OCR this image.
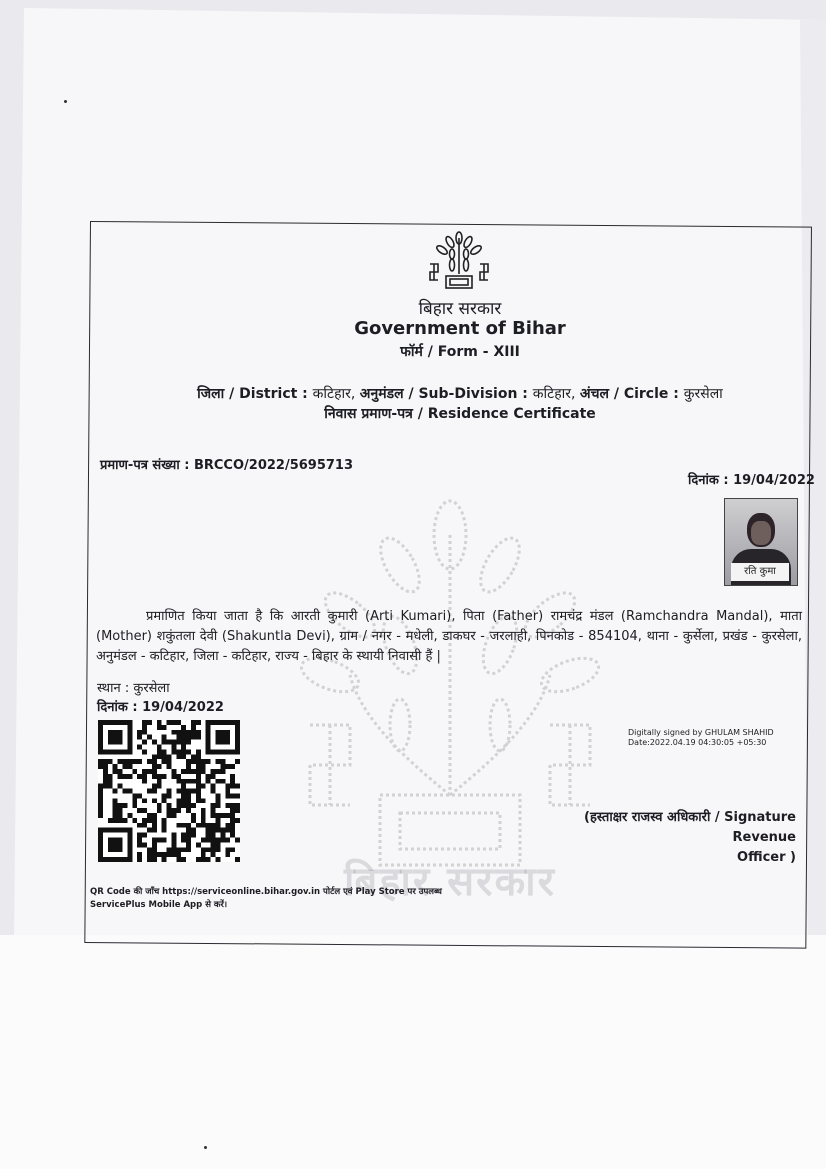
बिहार सरकार
बिहार सरकार
Government of Bihar
फॉर्म / Form - XIII
जिला / District : कटिहार, अनुमंडल / Sub-Division : कटिहार, अंचल / Circle : कुरसेला
निवास प्रमाण-पत्र / Residence Certificate
प्रमाण-पत्र संख्या : BRCCO/2022/5695713
दिनांक : 19/04/2022
रति कुमा
प्रमाणित किया जाता है कि आरती कुमारी (Arti Kumari), पिता (Father) रामचंद्र मंडल (Ramchandra Mandal), माता (Mother) शकुंतला देवी (Shakuntla Devi), ग्राम / नगर - मधेली, डाकघर - जरलाही, पिनकोड - 854104, थाना - कुर्सेला, प्रखंड - कुरसेला, अनुमंडल - कटिहार, जिला - कटिहार, राज्य - बिहार के स्थायी निवासी हैं |
स्थान : कुरसेला
दिनांक : 19/04/2022
Digitally signed by GHULAM SHAHID
Date:2022.04.19 04:30:05 +05:30
(हस्ताक्षर राजस्व अधिकारी / Signature Revenue
Officer )
QR Code की जाँच https://serviceonline.bihar.gov.in पोर्टल एवं Play Store पर उपलब्ध
ServicePlus Mobile App से करें।
